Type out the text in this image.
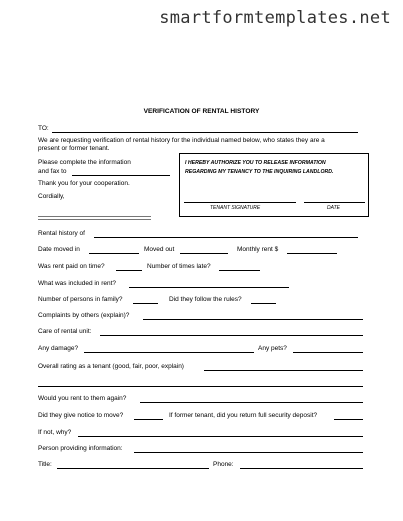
smartformtemplates.net
VERIFICATION OF RENTAL HISTORY
TO:
We are requesting verification of rental history for the individual named below, who states they are a
present or former tenant.
Please complete the information
and fax to
Thank you for your cooperation.
Cordially,
I HEREBY AUTHORIZE YOU TO RELEASE INFORMATION
REGARDING MY TENANCY TO THE INQUIRING LANDLORD.
TENANT SIGNATURE	DATE
Rental history of
Date moved in	Moved out	Monthly rent $
Was rent paid on time?	Number of times late?
What was included in rent?
Number of persons in family?	Did they follow the rules?
Complaints by others (explain)?
Care of rental unit:
Any damage?	Any pets?
Overall rating as a tenant (good, fair, poor, explain)
Would you rent to them again?
Did they give notice to move?	If former tenant, did you return full security deposit?
If not, why?
Person providing information:
Title:	Phone:
